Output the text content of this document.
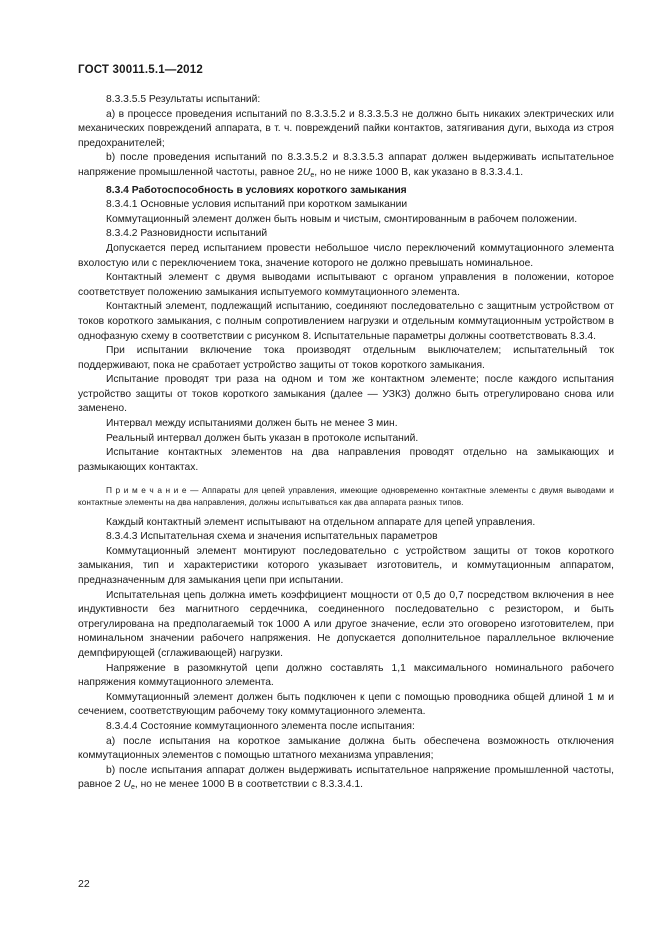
ГОСТ 30011.5.1—2012

8.3.3.5.5 Результаты испытаний:

а) в процессе проведения испытаний по 8.3.3.5.2 и 8.3.3.5.3 не должно быть никаких электрических или механических повреждений аппарата, в т. ч. повреждений пайки контактов, затягивания дуги, выхода из строя предохранителей;

b) после проведения испытаний по 8.3.3.5.2 и 8.3.3.5.3 аппарат должен выдерживать испытательное напряжение промышленной частоты, равное $2U_e$, но не ниже 1000 В, как указано в 8.3.3.4.1.

8.3.4 Работоспособность в условиях короткого замыкания

8.3.4.1 Основные условия испытаний при коротком замыкании

Коммутационный элемент должен быть новым и чистым, смонтированным в рабочем положении.

8.3.4.2 Разновидности испытаний

Допускается перед испытанием провести небольшое число переключений коммутационного элемента вхолостую или с переключением тока, значение которого не должно превышать номинальное.

Контактный элемент с двумя выводами испытывают с органом управления в положении, которое соответствует положению замыкания испытуемого коммутационного элемента.

Контактный элемент, подлежащий испытанию, соединяют последовательно с защитным устройством от токов короткого замыкания, с полным сопротивлением нагрузки и отдельным коммутационным устройством в однофазную схему в соответствии с рисунком 8. Испытательные параметры должны соответствовать 8.3.4.

При испытании включение тока производят отдельным выключателем; испытательный ток поддерживают, пока не сработает устройство защиты от токов короткого замыкания.

Испытание проводят три раза на одном и том же контактном элементе; после каждого испытания устройство защиты от токов короткого замыкания (далее — УЗКЗ) должно быть отрегулировано снова или заменено.

Интервал между испытаниями должен быть не менее 3 мин.

Реальный интервал должен быть указан в протоколе испытаний.

Испытание контактных элементов на два направления проводят отдельно на замыкающих и размыкающих контактах.

П р и м е ч а н и е — Аппараты для цепей управления, имеющие одновременно контактные элементы с двумя выводами и контактные элементы на два направления, должны испытываться как два аппарата разных типов.

Каждый контактный элемент испытывают на отдельном аппарате для цепей управления.

8.3.4.3 Испытательная схема и значения испытательных параметров

Коммутационный элемент монтируют последовательно с устройством защиты от токов короткого замыкания, тип и характеристики которого указывает изготовитель, и коммутационным аппаратом, предназначенным для замыкания цепи при испытании.

Испытательная цепь должна иметь коэффициент мощности от 0,5 до 0,7 посредством включения в нее индуктивности без магнитного сердечника, соединенного последовательно с резистором, и быть отрегулирована на предполагаемый ток 1000 А или другое значение, если это оговорено изготовителем, при номинальном значении рабочего напряжения. Не допускается дополнительное параллельное включение демпфирующей (сглаживающей) нагрузки.

Напряжение в разомкнутой цепи должно составлять 1,1 максимального номинального рабочего напряжения коммутационного элемента.

Коммутационный элемент должен быть подключен к цепи с помощью проводника общей длиной 1 м и сечением, соответствующим рабочему току коммутационного элемента.

8.3.4.4 Состояние коммутационного элемента после испытания:

а) после испытания на короткое замыкание должна быть обеспечена возможность отключения коммутационных элементов с помощью штатного механизма управления;

b) после испытания аппарат должен выдерживать испытательное напряжение промышленной частоты, равное 2 $U_e$, но не менее 1000 В в соответствии с 8.3.3.4.1.

22
